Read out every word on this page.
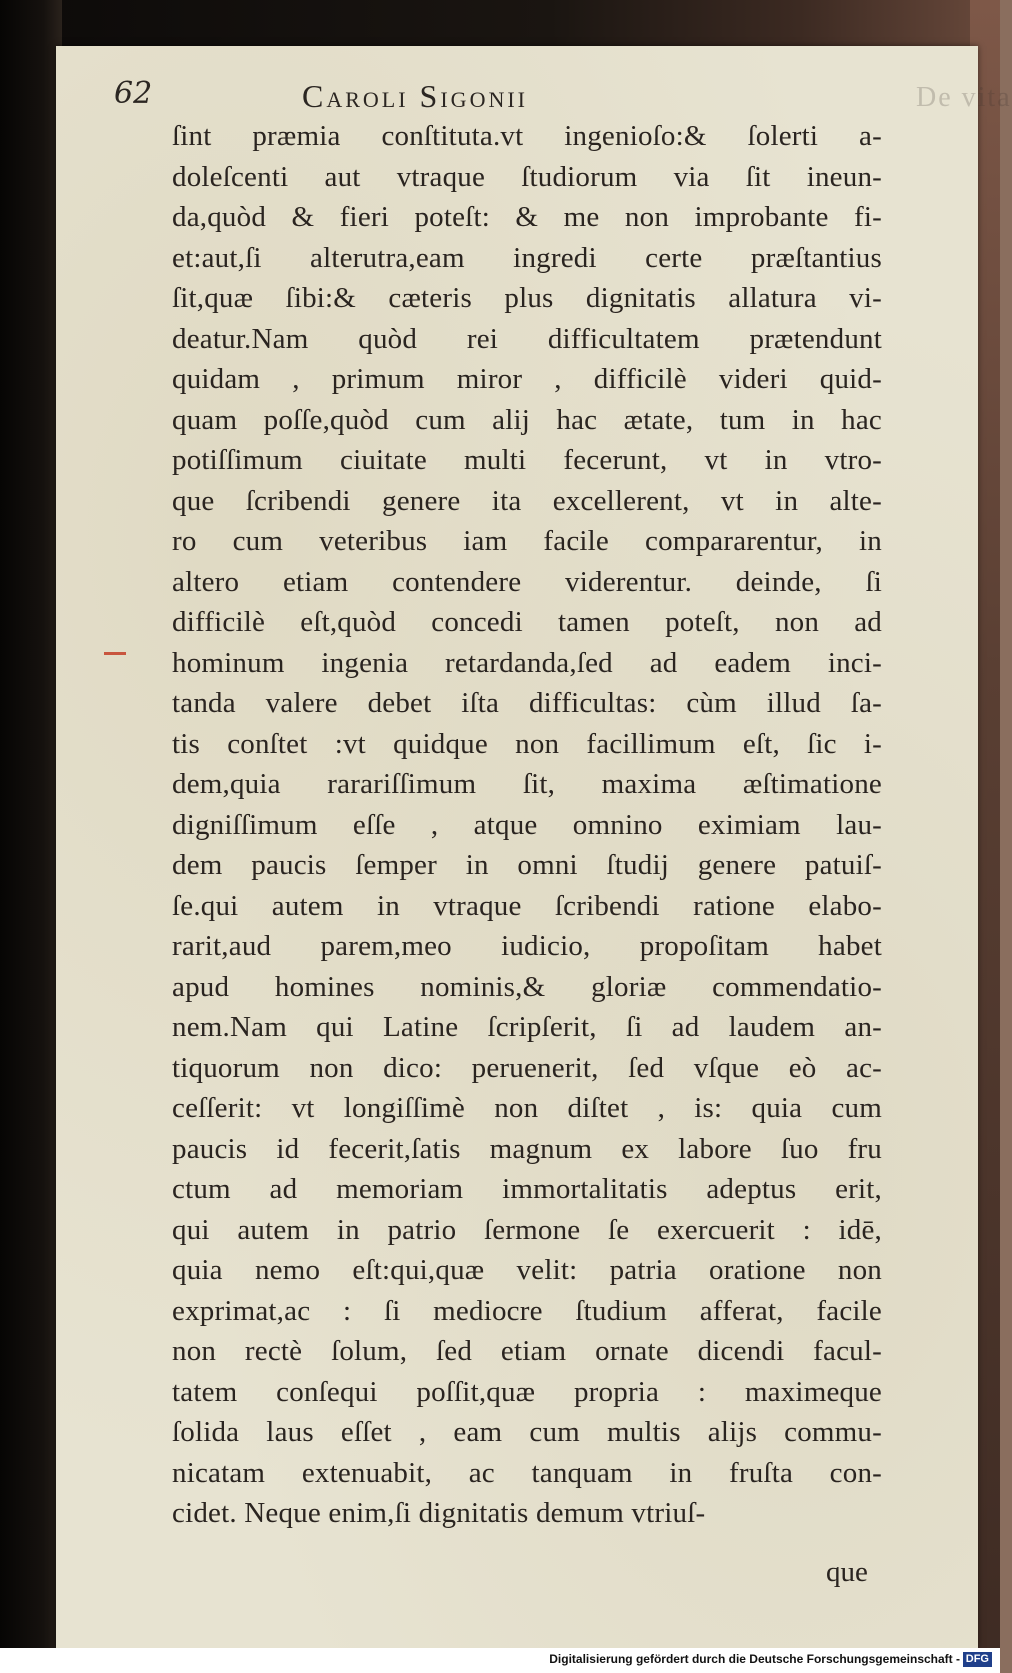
62	Caroli Sigonii	De vita
ſint præmia conſtituta.vt ingenioſo:& ſolerti a-
doleſcenti aut vtraque ſtudiorum via ſit ineun-
da,quòd & fieri poteſt: & me non improbante fi-
et:aut,ſi alterutra,eam ingredi certe præſtantius
ſit,quæ ſibi:& cæteris plus dignitatis allatura vi-
deatur.Nam quòd rei difficultatem prætendunt
quidam , primum miror , difficilè videri quid-
quam poſſe,quòd cum alij hac ætate, tum in hac
potiſſimum ciuitate multi fecerunt, vt in vtro-
que ſcribendi genere ita excellerent, vt in alte-
ro cum veteribus iam facile compararentur, in
altero etiam contendere viderentur. deinde, ſi
difficilè eſt,quòd concedi tamen poteſt, non ad
hominum ingenia retardanda,ſed ad eadem inci-
tanda valere debet iſta difficultas: cùm illud ſa-
tis conſtet :vt quidque non facillimum eſt, ſic i-
dem,quia rarariſſimum ſit, maxima æſtimatione
digniſſimum eſſe , atque omnino eximiam lau-
dem paucis ſemper in omni ſtudij genere patuiſ-
ſe.qui autem in vtraque ſcribendi ratione elabo-
rarit,aud parem,meo iudicio, propoſitam habet
apud homines nominis,& gloriæ commendatio-
nem.Nam qui Latine ſcripſerit, ſi ad laudem an-
tiquorum non dico: peruenerit, ſed vſque eò ac-
ceſſerit: vt longiſſimè non diſtet , is: quia cum
paucis id fecerit,ſatis magnum ex labore ſuo fru
ctum ad memoriam immortalitatis adeptus erit,
qui autem in patrio ſermone ſe exercuerit : idē,
quia nemo eſt:qui,quæ velit: patria oratione non
exprimat,ac : ſi mediocre ſtudium afferat, facile
non rectè ſolum, ſed etiam ornate dicendi facul-
tatem conſequi poſſit,quæ propria : maximeque
ſolida laus eſſet , eam cum multis alijs commu-
nicatam extenuabit, ac tanquam in fruſta con-
cidet. Neque enim,ſi dignitatis demum vtriuſ-
que
Digitalisierung gefördert durch die Deutsche Forschungsgemeinschaft - DFG
